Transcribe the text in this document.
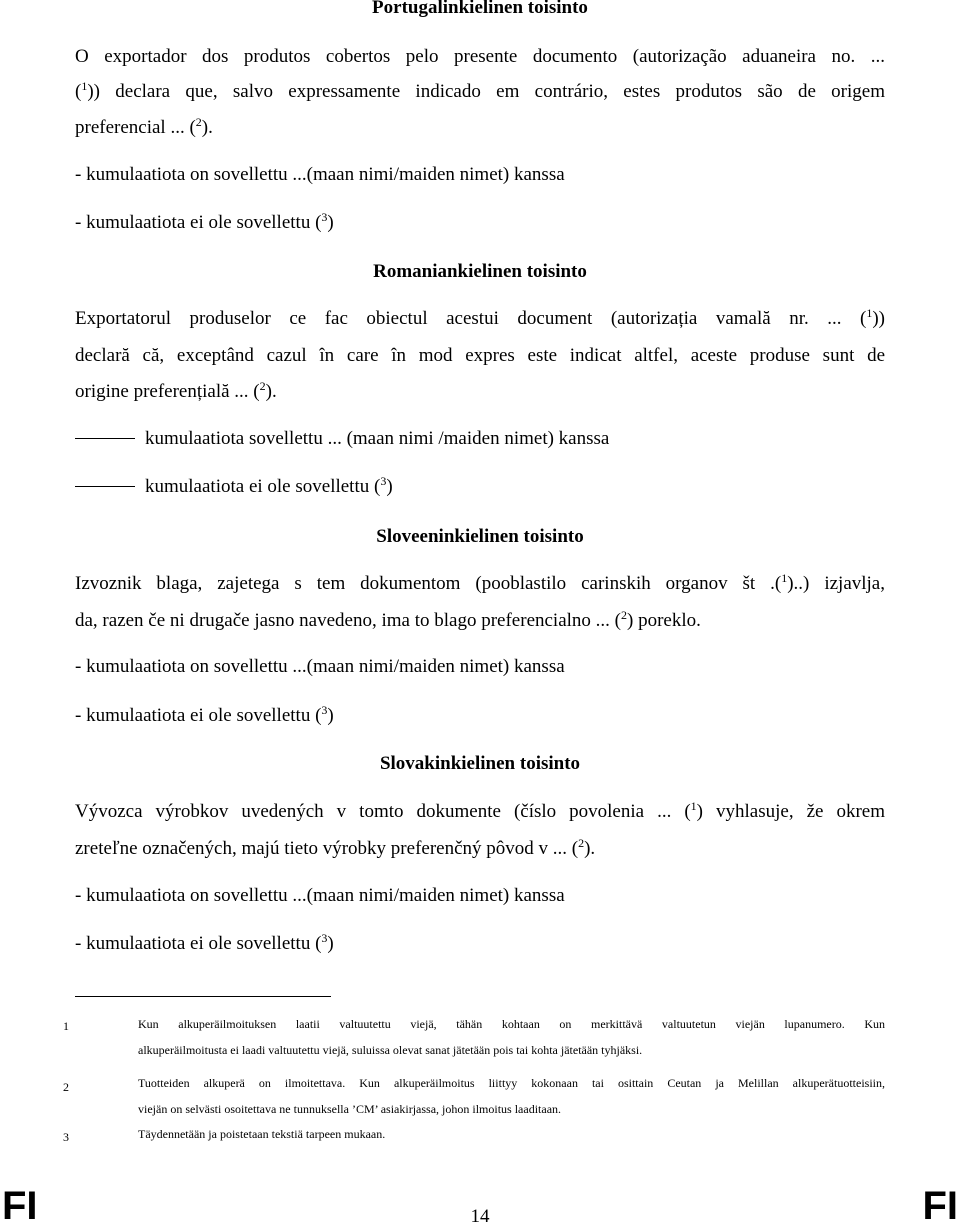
Portugalinkielinen toisinto
O exportador dos produtos cobertos pelo presente documento (autorização aduaneira no. ...
($^1$)) declara que, salvo expressamente indicado em contrário, estes produtos são de origem
preferencial ... ($^2$).
- kumulaatiota on sovellettu ...(maan nimi/maiden nimet) kanssa
- kumulaatiota ei ole sovellettu ($^3$)
Romaniankielinen toisinto
Exportatorul produselor ce fac obiectul acestui document (autorizația vamală nr. ... ($^1$))
declară că, exceptând cazul în care în mod expres este indicat altfel, aceste produse sunt de
origine preferențială ... ($^2$).
kumulaatiota sovellettu ... (maan nimi /maiden nimet) kanssa
kumulaatiota ei ole sovellettu ($^3$)
Sloveeninkielinen toisinto
Izvoznik blaga, zajetega s tem dokumentom (pooblastilo carinskih organov št .($^1$)..) izjavlja,
da, razen če ni drugače jasno navedeno, ima to blago preferencialno ... ($^2$) poreklo.
- kumulaatiota on sovellettu ...(maan nimi/maiden nimet) kanssa
- kumulaatiota ei ole sovellettu ($^3$)
Slovakinkielinen toisinto
Vývozca výrobkov uvedených v tomto dokumente (číslo povolenia ... ($^1$) vyhlasuje, že okrem
zreteľne označených, majú tieto výrobky preferenčný pôvod v ... ($^2$).
- kumulaatiota on sovellettu ...(maan nimi/maiden nimet) kanssa
- kumulaatiota ei ole sovellettu ($^3$)
1	Kun alkuperäilmoituksen laatii valtuutettu viejä, tähän kohtaan on merkittävä valtuutetun viejän lupanumero. Kun
alkuperäilmoitusta ei laadi valtuutettu viejä, suluissa olevat sanat jätetään pois tai kohta jätetään tyhjäksi.
2	Tuotteiden alkuperä on ilmoitettava. Kun alkuperäilmoitus liittyy kokonaan tai osittain Ceutan ja Melillan alkuperätuotteisiin,
viejän on selvästi osoitettava ne tunnuksella ’CM’ asiakirjassa, johon ilmoitus laaditaan.
3	Täydennetään ja poistetaan tekstiä tarpeen mukaan.
FI	14	FI
